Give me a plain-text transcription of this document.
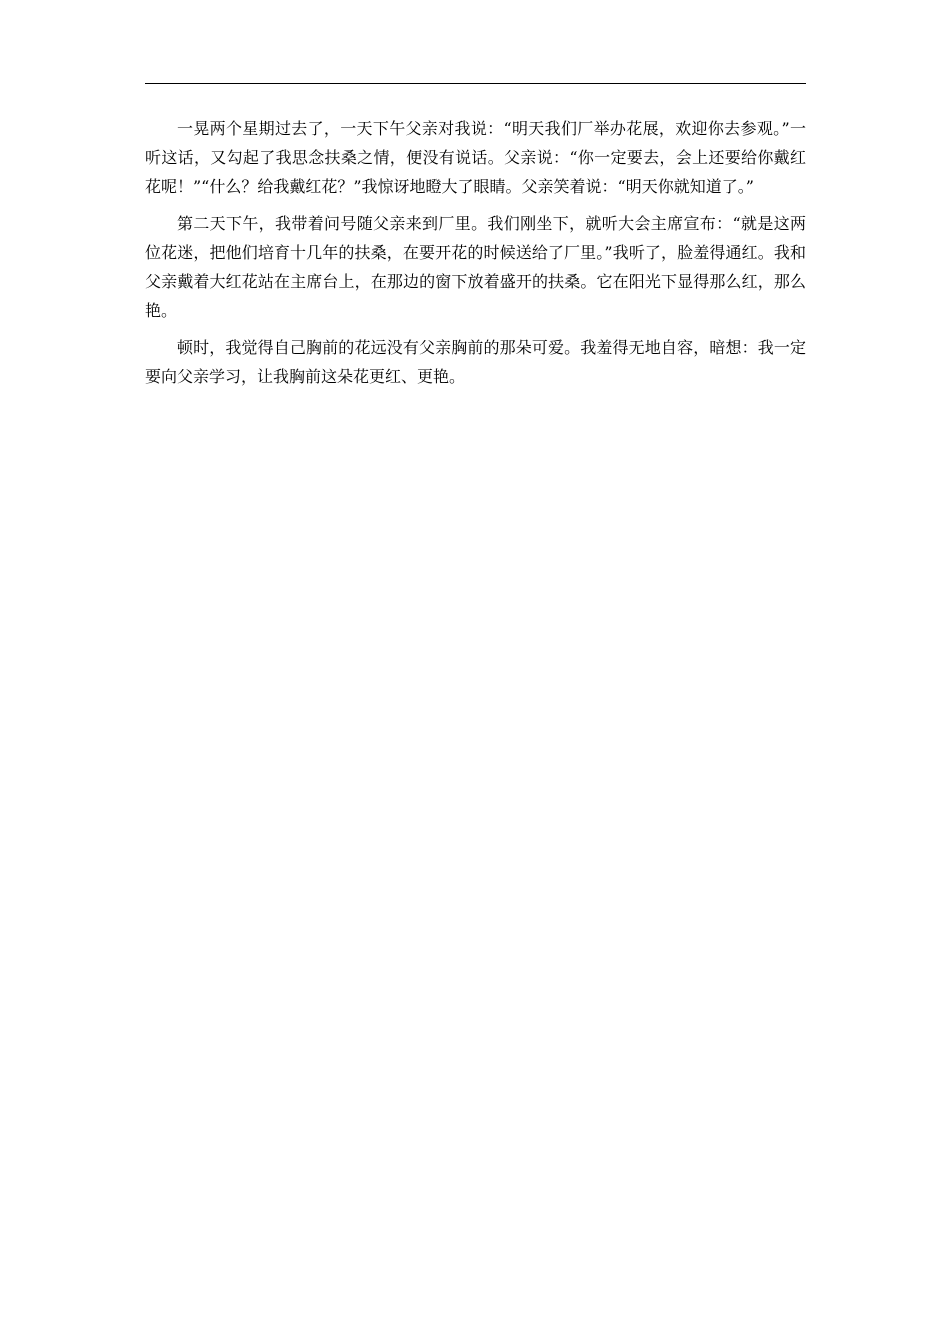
一晃两个星期过去了，一天下午父亲对我说：“明天我们厂举办花展，欢迎你去参观。”一听这话，又勾起了我思念扶桑之情，便没有说话。父亲说：“你一定要去，会上还要给你戴红花呢！”“什么？给我戴红花？”我惊讶地瞪大了眼睛。父亲笑着说：“明天你就知道了。”

第二天下午，我带着问号随父亲来到厂里。我们刚坐下，就听大会主席宣布：“就是这两位花迷，把他们培育十几年的扶桑，在要开花的时候送给了厂里。”我听了，脸羞得通红。我和父亲戴着大红花站在主席台上，在那边的窗下放着盛开的扶桑。它在阳光下显得那么红，那么艳。

顿时，我觉得自己胸前的花远没有父亲胸前的那朵可爱。我羞得无地自容，暗想：我一定要向父亲学习，让我胸前这朵花更红、更艳。
